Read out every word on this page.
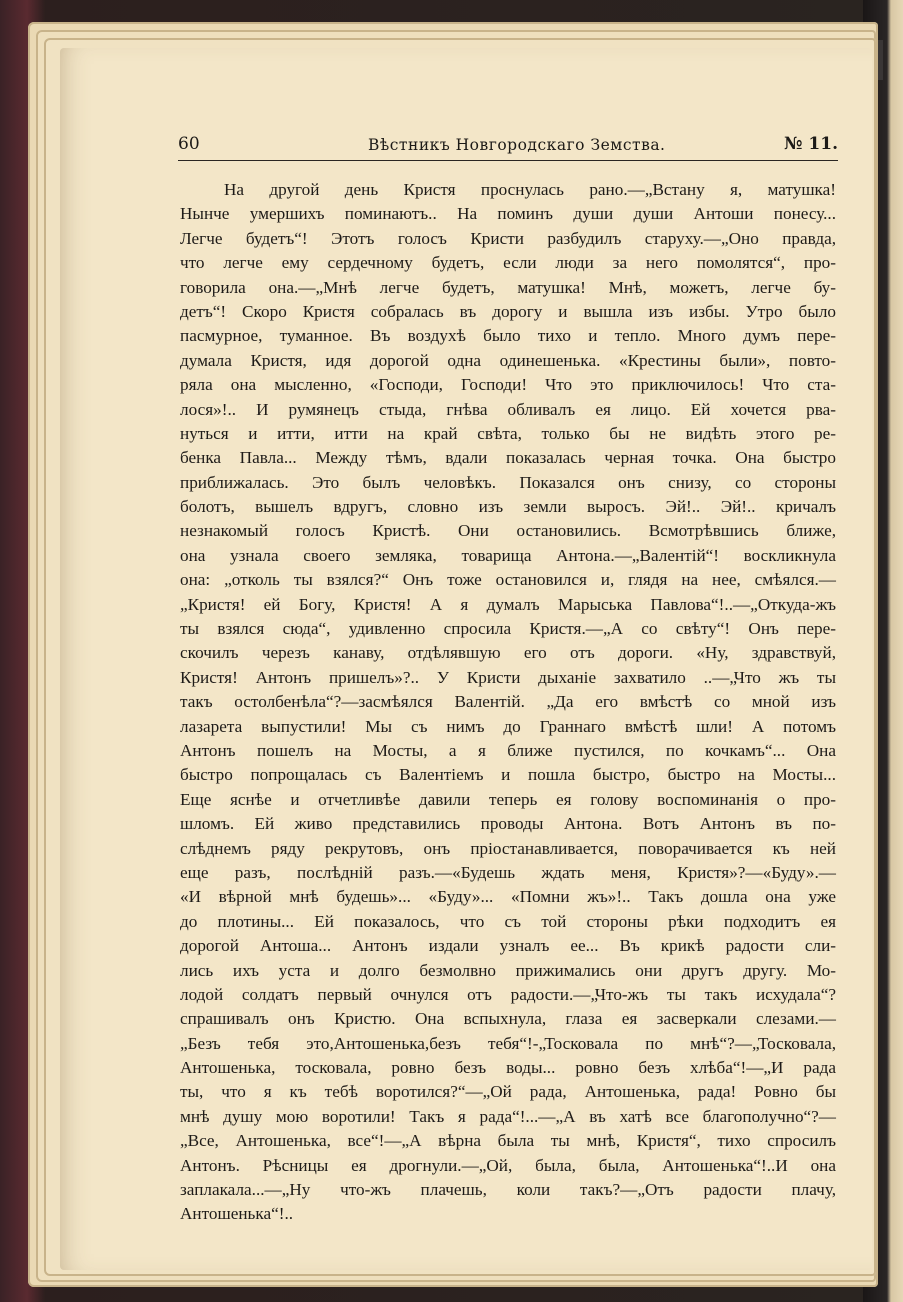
60	Вѣстникъ Новгородскаго Земства.	№ 11.
На другой день Кристя проснулась рано.—„Встану я, матушка!
Нынче умершихъ поминаютъ.. На поминъ души души Антоши понесу...
Легче будетъ“! Этотъ голосъ Кристи разбудилъ старуху.—„Оно правда,
что легче ему сердечному будетъ, если люди за него помолятся“, про-
говорила она.—„Мнѣ легче будетъ, матушка! Мнѣ, можетъ, легче бу-
детъ“! Скоро Кристя собралась въ дорогу и вышла изъ избы. Утро было
пасмурное, туманное. Въ воздухѣ было тихо и тепло. Много думъ пере-
думала Кристя, идя дорогой одна одинешенька. «Крестины были», повто-
ряла она мысленно, «Господи, Господи! Что это приключилось! Что ста-
лося»!.. И румянецъ стыда, гнѣва обливалъ ея лицо. Ей хочется рва-
нуться и итти, итти на край свѣта, только бы не видѣть этого ре-
бенка Павла... Между тѣмъ, вдали показалась черная точка. Она быстро
приближалась. Это былъ человѣкъ. Показался онъ снизу, со стороны
болотъ, вышелъ вдругъ, словно изъ земли выросъ. Эй!.. Эй!.. кричалъ
незнакомый голосъ Кристѣ. Они остановились. Всмотрѣвшись ближе,
она узнала своего земляка, товарища Антона.—„Валентій“! воскликнула
она: „отколь ты взялся?“ Онъ тоже остановился и, глядя на нее, смѣялся.—
„Кристя! ей Богу, Кристя! А я думалъ Марыська Павлова“!..—„Откуда-жъ
ты взялся сюда“, удивленно спросила Кристя.—„А со свѣту“! Онъ пере-
скочилъ черезъ канаву, отдѣлявшую его отъ дороги. «Ну, здравствуй,
Кристя! Антонъ пришелъ»?.. У Кристи дыханіе захватило ..—„Что жъ ты
такъ остолбенѣла“?—засмѣялся Валентій. „Да его вмѣстѣ со мной изъ
лазарета выпустили! Мы съ нимъ до Граннаго вмѣстѣ шли! А потомъ
Антонъ пошелъ на Мосты, а я ближе пустился, по кочкамъ“... Она
быстро попрощалась съ Валентіемъ и пошла быстро, быстро на Мосты...
Еще яснѣе и отчетливѣе давили теперь ея голову воспоминанія о про-
шломъ. Ей живо представились проводы Антона. Вотъ Антонъ въ по-
слѣднемъ ряду рекрутовъ, онъ пріостанавливается, поворачивается къ ней
еще разъ, послѣдній разъ.—«Будешь ждать меня, Кристя»?—«Буду».—
«И вѣрной мнѣ будешь»... «Буду»... «Помни жъ»!.. Такъ дошла она уже
до плотины... Ей показалось, что съ той стороны рѣки подходитъ ея
дорогой Антоша... Антонъ издали узналъ ее... Въ крикѣ радости сли-
лись ихъ уста и долго безмолвно прижимались они другъ другу. Мо-
лодой солдатъ первый очнулся отъ радости.—„Что-жъ ты такъ исхудала“?
спрашивалъ онъ Кристю. Она вспыхнула, глаза ея засверкали слезами.—
„Безъ тебя это,Антошенька,безъ тебя“!-„Тосковала по мнѣ“?—„Тосковала,
Антошенька, тосковала, ровно безъ воды... ровно безъ хлѣба“!—„И рада
ты, что я къ тебѣ воротился?“—„Ой рада, Антошенька, рада! Ровно бы
мнѣ душу мою воротили! Такъ я рада“!...—„А въ хатѣ все благополучно“?—
„Все, Антошенька, все“!—„А вѣрна была ты мнѣ, Кристя“, тихо спросилъ
Антонъ. Рѣсницы ея дрогнули.—„Ой, была, была, Антошенька“!..И она
заплакала...—„Ну что-жъ плачешь, коли такъ?—„Отъ радости плачу,
Антошенька“!..
